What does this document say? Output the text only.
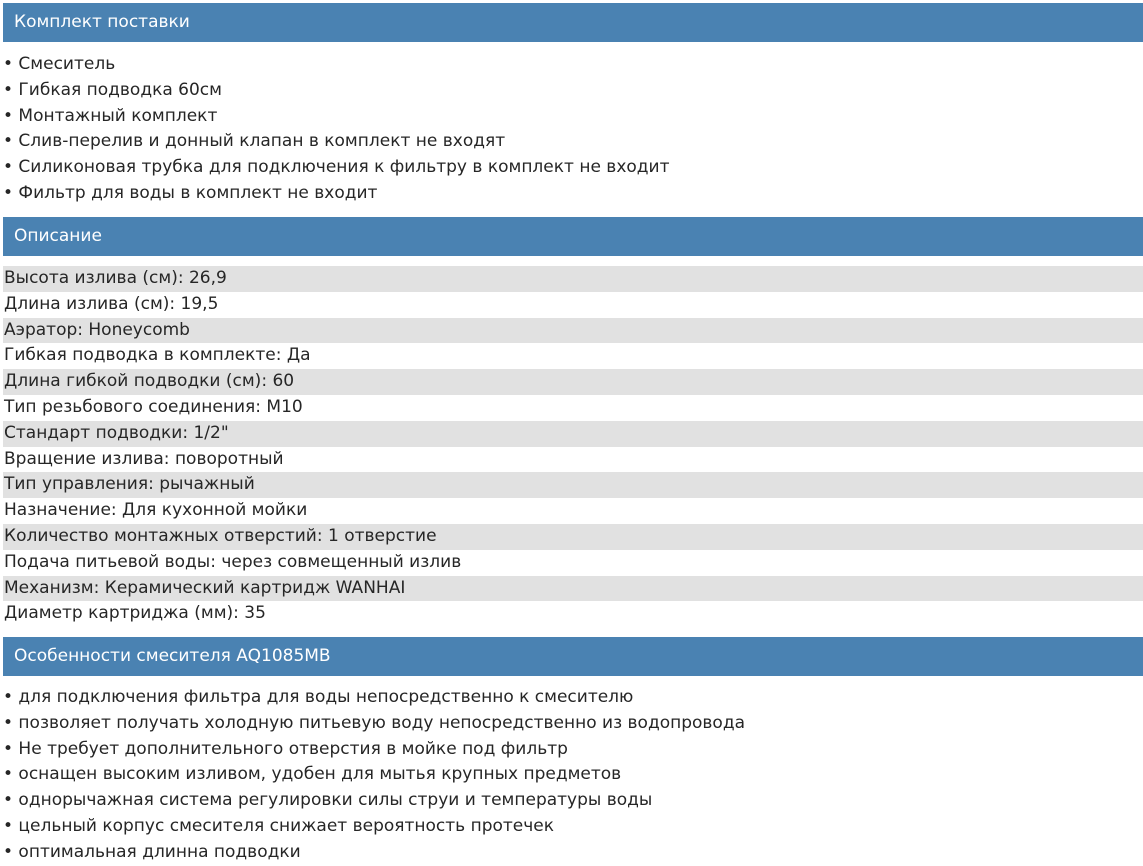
Комплект поставки
• Смеситель
• Гибкая подводка 60см
• Монтажный комплект
• Слив-перелив и донный клапан в комплект не входят
• Силиконовая трубка для подключения к фильтру в комплект не входит
• Фильтр для воды в комплект не входит
Описание
Высота излива (см): 26,9
Длина излива (см): 19,5
Аэратор: Honeycomb
Гибкая подводка в комплекте: Да
Длина гибкой подводки (см): 60
Тип резьбового соединения: M10
Стандарт подводки: 1/2"
Вращение излива: поворотный
Тип управления: рычажный
Назначение: Для кухонной мойки
Количество монтажных отверстий: 1 отверстие
Подача питьевой воды: через совмещенный излив
Механизм: Керамический картридж WANHAI
Диаметр картриджа (мм): 35
Особенности смесителя AQ1085MB
• для подключения фильтра для воды непосредственно к смесителю
• позволяет получать холодную питьевую воду непосредственно из водопровода
• Не требует дополнительного отверстия в мойке под фильтр
• оснащен высоким изливом, удобен для мытья крупных предметов
• однорычажная система регулировки силы струи и температуры воды
• цельный корпус смесителя снижает вероятность протечек
• оптимальная длинна подводки
